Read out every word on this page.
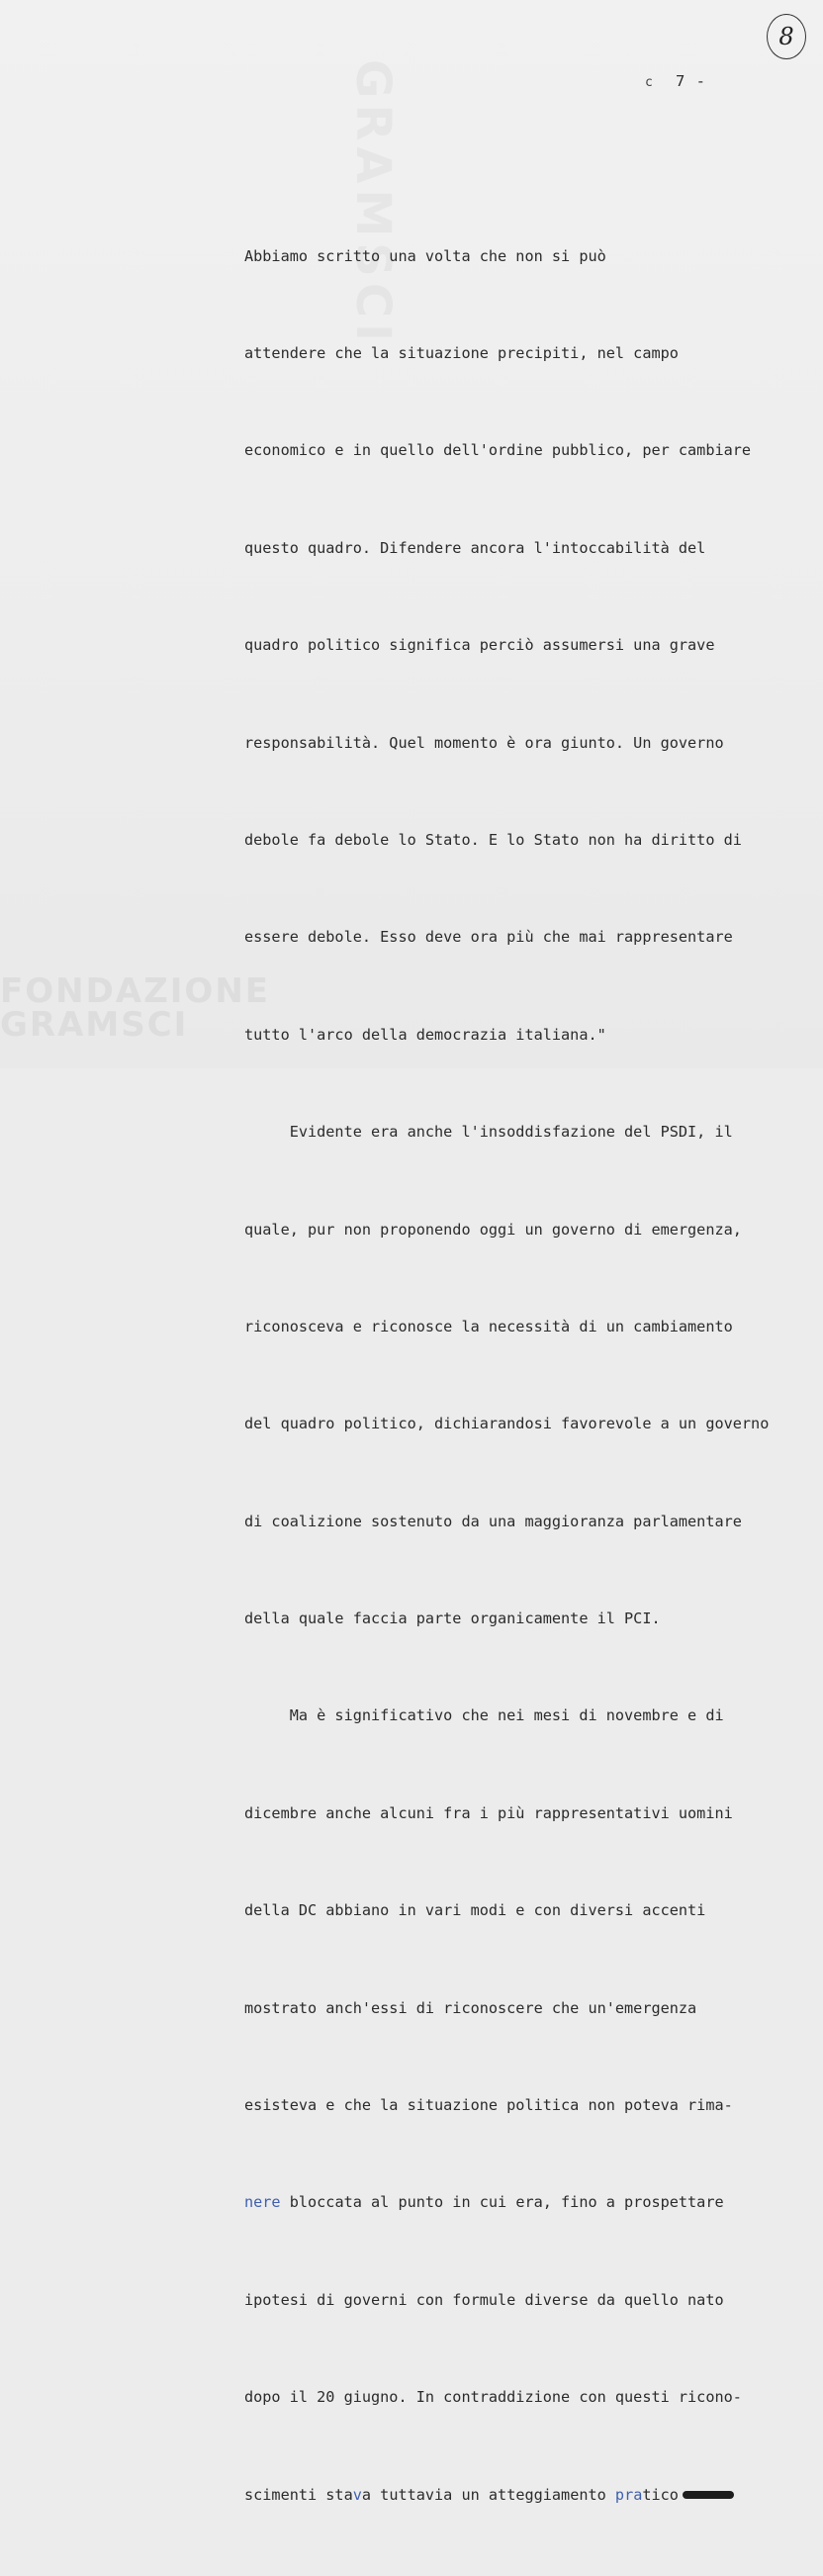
GRAMSCI
FONDAZIONE
GRAMSCI
8
c 7 -

Abbiamo scritto una volta che non si può

attendere che la situazione precipiti, nel campo

economico e in quello dell'ordine pubblico, per cambiare

questo quadro. Difendere ancora l'intoccabilità del

quadro politico significa perciò assumersi una grave

responsabilità. Quel momento è ora giunto. Un governo

debole fa debole lo Stato. E lo Stato non ha diritto di

essere debole. Esso deve ora più che mai rappresentare

tutto l'arco della democrazia italiana."

Evidente era anche l'insoddisfazione del PSDI, il

quale, pur non proponendo oggi un governo di emergenza,

riconosceva e riconosce la necessità di un cambiamento

del quadro politico, dichiarandosi favorevole a un governo

di coalizione sostenuto da una maggioranza parlamentare

della quale faccia parte organicamente il PCI.

Ma è significativo che nei mesi di novembre e di

dicembre anche alcuni fra i più rappresentativi uomini

della DC abbiano in vari modi e con diversi accenti

mostrato anch'essi di riconoscere che un'emergenza

esisteva e che la situazione politica non poteva rima-

nere bloccata al punto in cui era, fino a prospettare

ipotesi di governi con formule diverse da quello nato

dopo il 20 giugno. In contraddizione con questi ricono-

scimenti stava tuttavia un atteggiamento pratico
